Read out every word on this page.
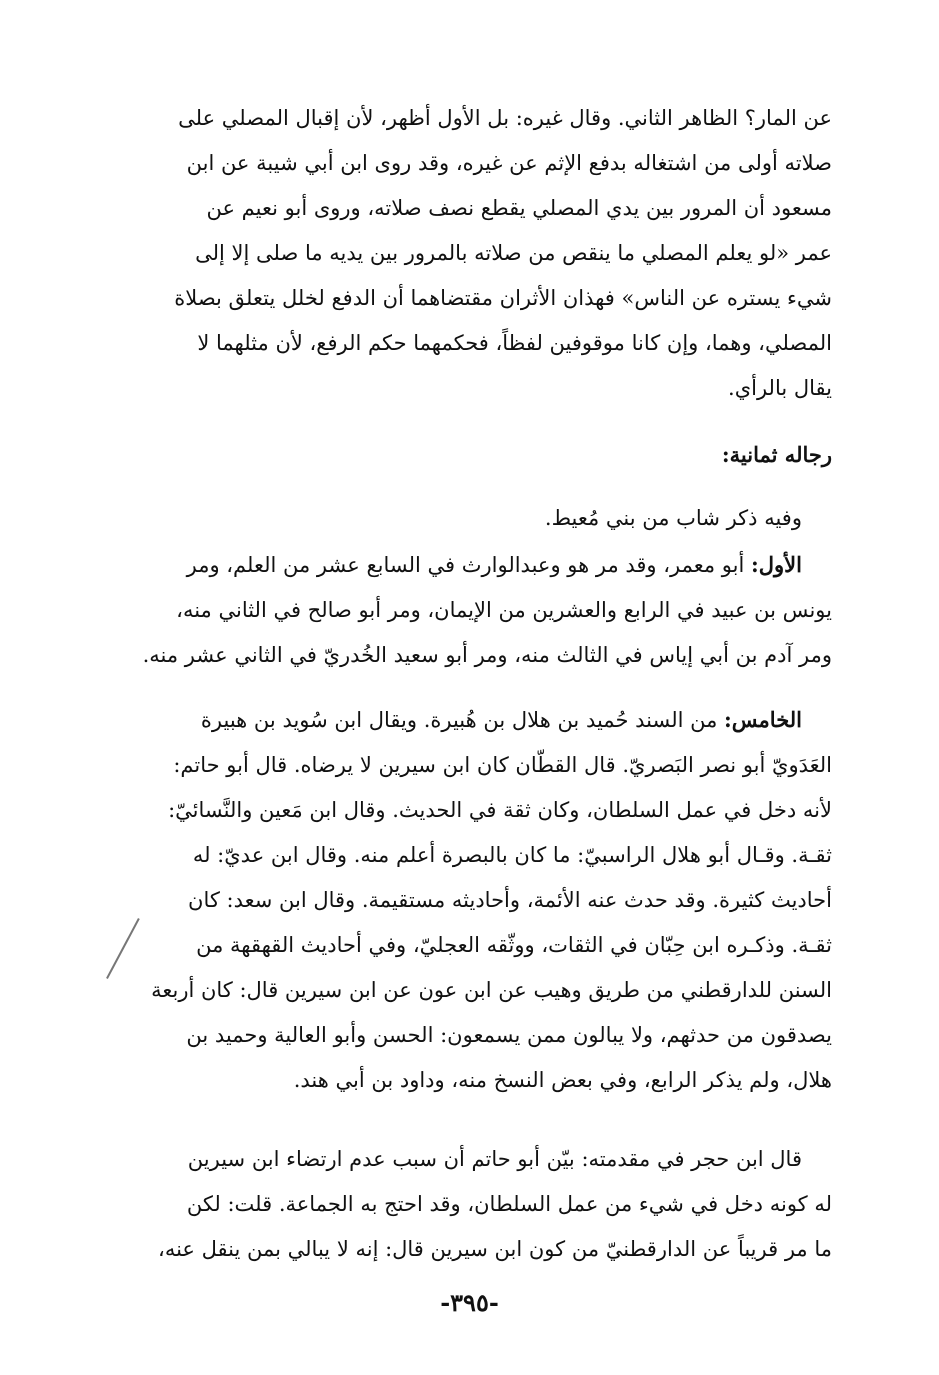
عن المار؟ الظاهر الثاني. وقال غيره: بل الأول أظهر، لأن إقبال المصلي على
صلاته أولى من اشتغاله بدفع الإثم عن غيره، وقد روى ابن أبي شيبة عن ابن
مسعود أن المرور بين يدي المصلي يقطع نصف صلاته، وروى أبو نعيم عن
عمر «لو يعلم المصلي ما ينقص من صلاته بالمرور بين يديه ما صلى إلا إلى
شيء يستره عن الناس» فهذان الأثران مقتضاهما أن الدفع لخلل يتعلق بصلاة
المصلي، وهما، وإن كانا موقوفين لفظاً، فحكمهما حكم الرفع، لأن مثلهما لا
يقال بالرأي.
رجاله ثمانية:
وفيه ذكر شاب من بني مُعيط.
الأول: أبو معمر، وقد مر هو وعبدالوارث في السابع عشر من العلم، ومر
يونس بن عبيد في الرابع والعشرين من الإيمان، ومر أبو صالح في الثاني منه،
ومر آدم بن أبي إياس في الثالث منه، ومر أبو سعيد الخُدريّ في الثاني عشر منه.
الخامس: من السند حُميد بن هلال بن هُبيرة. ويقال ابن سُويد بن هبيرة
العَدَويّ أبو نصر البَصريّ. قال القطّان كان ابن سيرين لا يرضاه. قال أبو حاتم:
لأنه دخل في عمل السلطان، وكان ثقة في الحديث. وقال ابن مَعين والنَّسائيّ:
ثقـة. وقـال أبو هلال الراسبيّ: ما كان بالبصرة أعلم منه. وقال ابن عديّ: له
أحاديث كثيرة. وقد حدث عنه الأئمة، وأحاديثه مستقيمة. وقال ابن سعد: كان
ثقـة. وذكـره ابن حِبّان في الثقات، ووثّقه العجليّ، وفي أحاديث القهقهة من
السنن للدارقطني من طريق وهيب عن ابن عون عن ابن سيرين قال: كان أربعة
يصدقون من حدثهم، ولا يبالون ممن يسمعون: الحسن وأبو العالية وحميد بن
هلال، ولم يذكر الرابع، وفي بعض النسخ منه، وداود بن أبي هند.
قال ابن حجر في مقدمته: بيّن أبو حاتم أن سبب عدم ارتضاء ابن سيرين
له كونه دخل في شيء من عمل السلطان، وقد احتج به الجماعة. قلت: لكن
ما مر قريباً عن الدارقطنيّ من كون ابن سيرين قال: إنه لا يبالي بمن ينقل عنه،
-٣٩٥-
